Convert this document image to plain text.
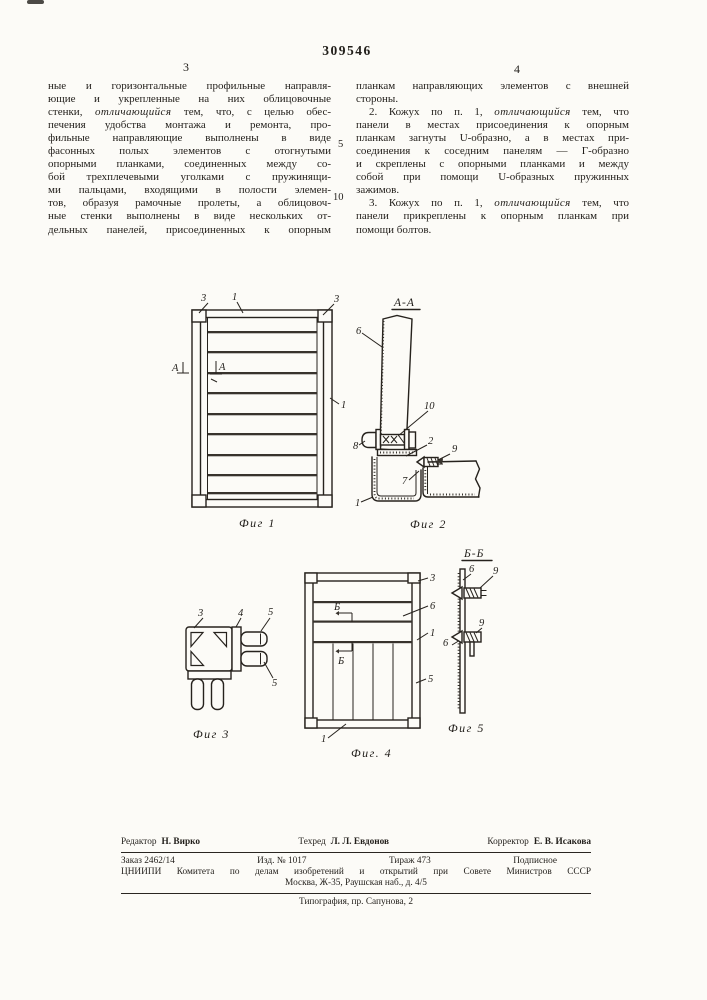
309546
3	4
ные и горизонтальные профильные направля-
ющие и укрепленные на них облицовочные
стенки, отличающийся тем, что, с целью обес-
печения удобства монтажа и ремонта, про-
фильные направляющие выполнены в виде
фасонных полых элементов с отогнутыми
опорными планками, соединенных между со-
бой трехплечевыми уголками с пружинящи-
ми пальцами, входящими в полости элемен-
тов, образуя рамочные пролеты, а облицовоч-
ные стенки выполнены в виде нескольких от-
дельных панелей, присоединенных к опорным
планкам направляющих элементов с внешней
стороны.
2. Кожух по п. 1, отличающийся тем, что
панели в местах присоединения к опорным
планкам загнуты U-образно, а в местах при-
соединения к соседним панелям — Г-образно
и скреплены с опорными планками и между
собой при помощи U-образных пружинных
зажимов.
3. Кожух по п. 1, отличающийся тем, что
панели прикреплены к опорным планкам при
помощи болтов.
5
10
3 1	3
А	А
1
Фиг 1
А-А
6
10
8	2
9
7
1
Фиг 2
3	4 5
5
Фиг 3
3
6
1
5
1
Б
Б
Фиг. 4
Б-Б
6 9
9
6
Фиг 5
Редактор Н. Вирко	Техред Л. Л. Евдонов	Корректор Е. В. Исакова
Заказ 2462/14	Изд. № 1017	Тираж 473	Подписное
ЦНИИПИ Комитета по делам изобретений и открытий при Совете Министров СССР
Москва, Ж-35, Раушская наб., д. 4/5
Типография, пр. Сапунова, 2
